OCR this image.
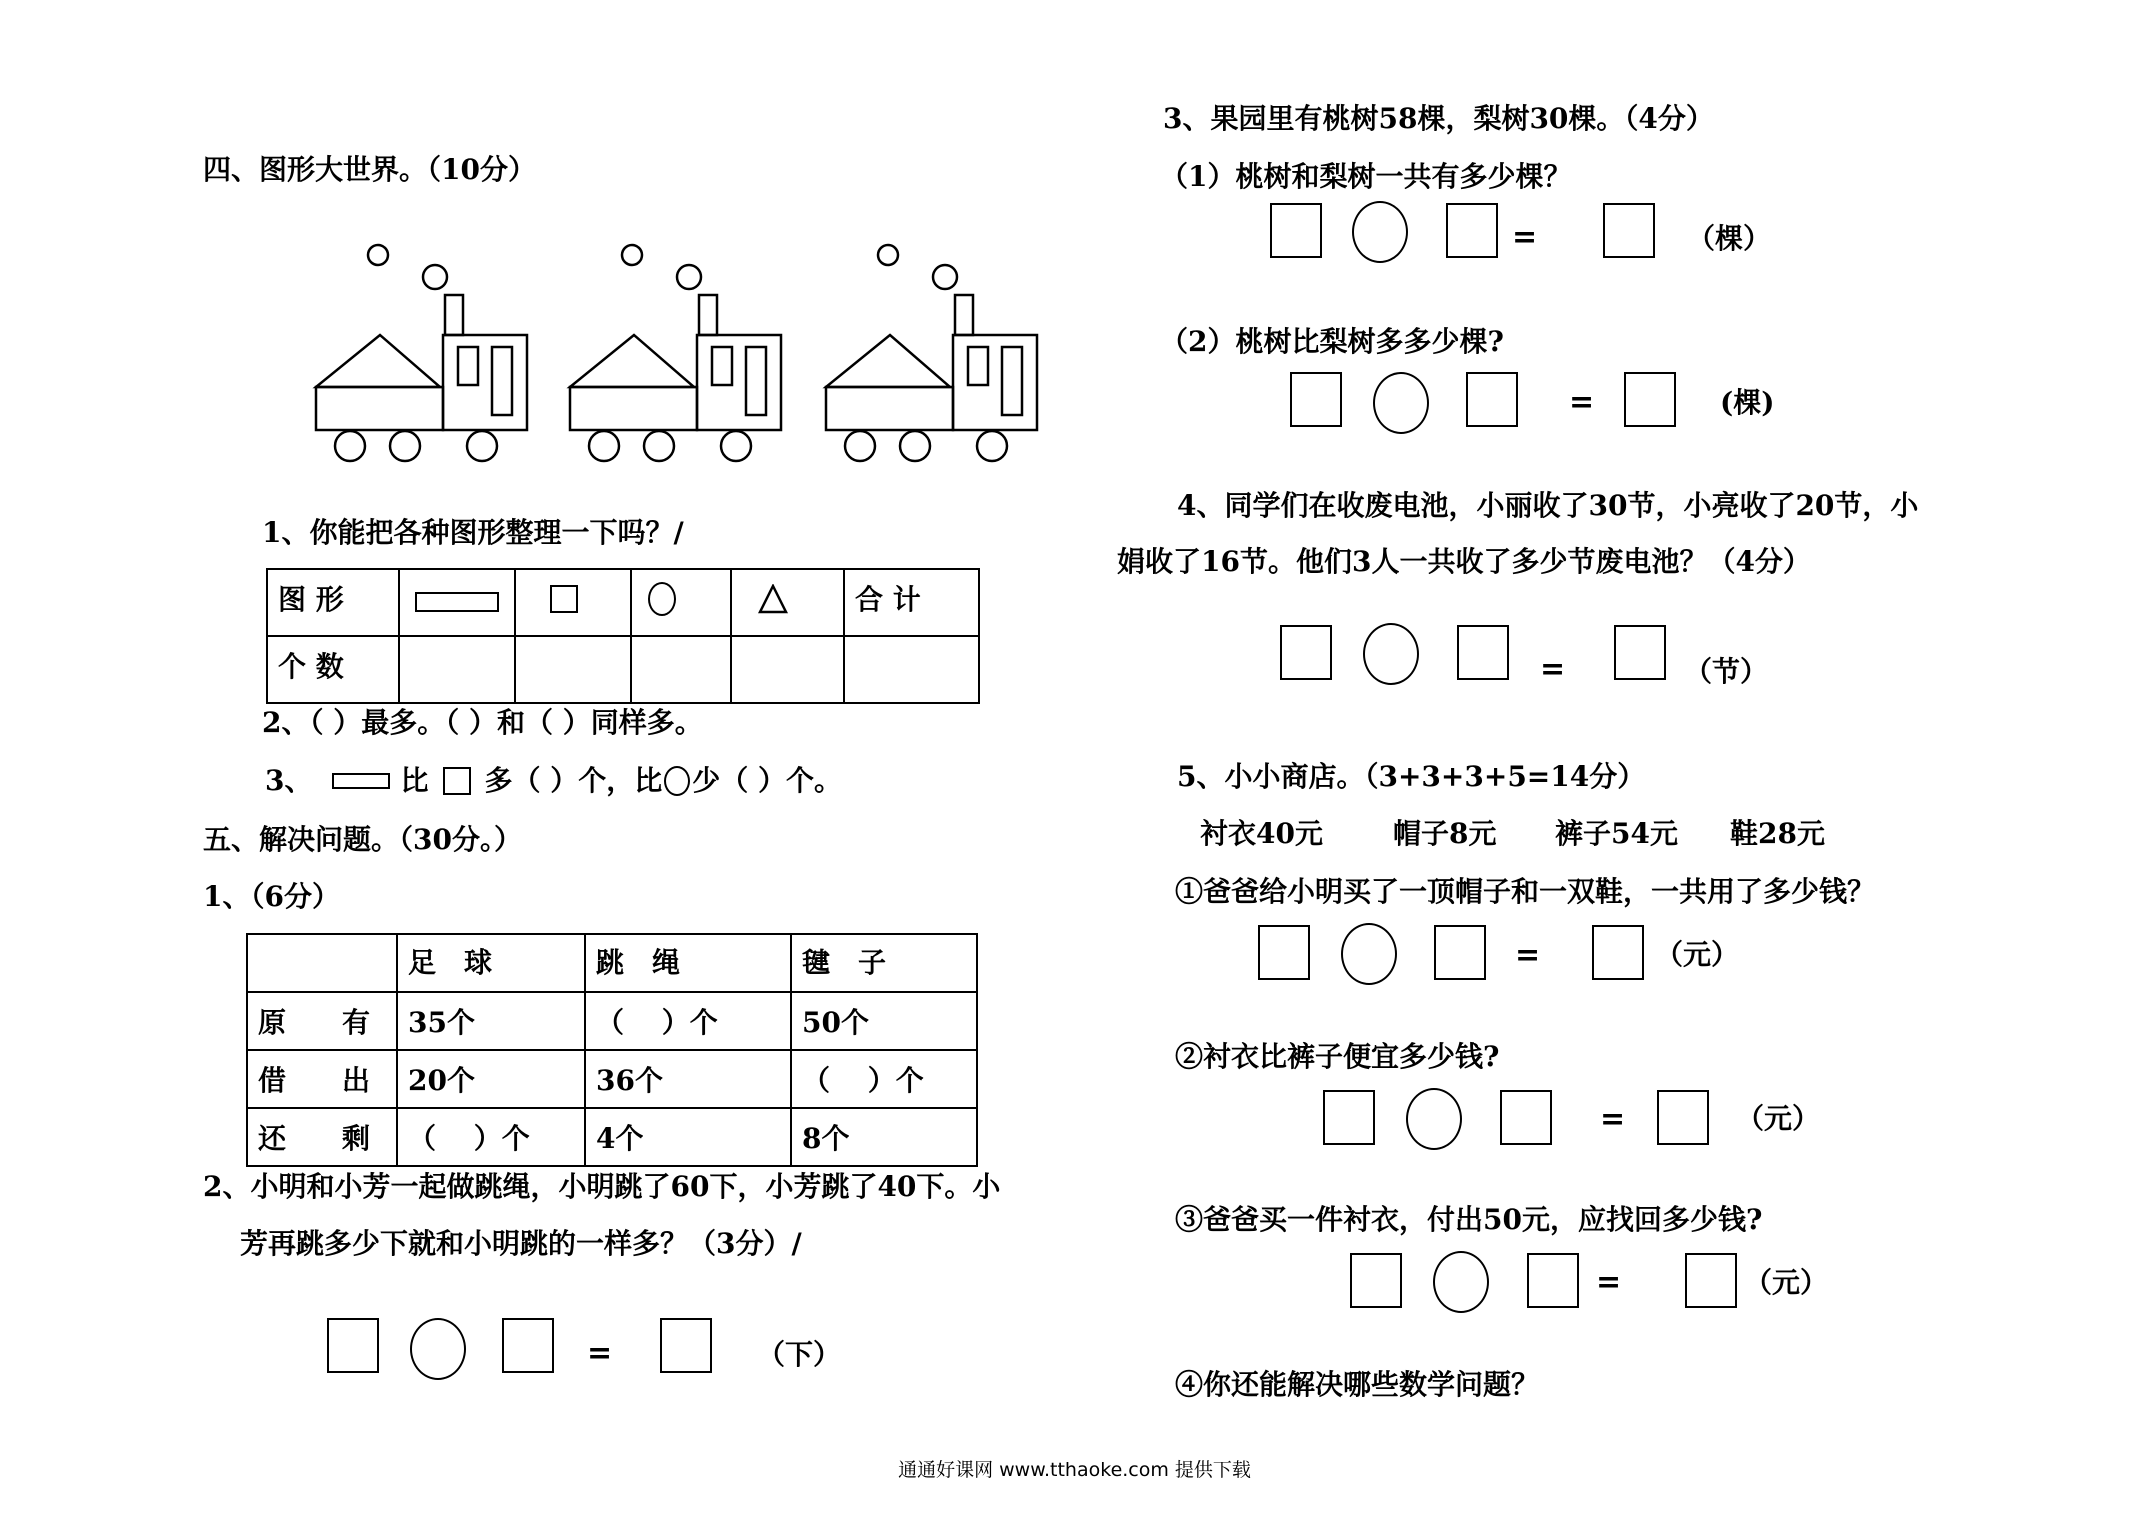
四、图形大世界。（10分）
1、你能把各种图形整理一下吗？/
图 形					合 计
个 数					
2、（ ）最多。（ ）和（ ）同样多。
3、	比 多（ ）个，比 少（ ）个。
五、解决问题。（30分。）
1、（6分）
	足　球	跳　绳	毽　子
原　　有	35个	（　 ）个	50个
借　　出	20个	36个	（　 ）个
还　　剩	（　 ）个	4个	8个
2、小明和小芳一起做跳绳，小明跳了60下，小芳跳了40下。小
芳再跳多少下就和小明跳的一样多？（3分）/
=	（下）
3、果园里有桃树58棵，梨树30棵。（4分）
（1）桃树和梨树一共有多少棵？
=	（棵）
（2）桃树比梨树多多少棵?
=	(棵)
4、同学们在收废电池，小丽收了30节，小亮收了20节，小
娟收了16节。他们3人一共收了多少节废电池？（4分）
=	（节）
5、小小商店。（3+3+3+5=14分）
衬衣40元	帽子8元 裤子54元 鞋28元
①爸爸给小明买了一顶帽子和一双鞋，一共用了多少钱？
=	（元）
②衬衣比裤子便宜多少钱?
=	（元）
③爸爸买一件衬衣，付出50元，应找回多少钱?
=	（元）
④你还能解决哪些数学问题？
通通好课网 www.tthaoke.com 提供下载
